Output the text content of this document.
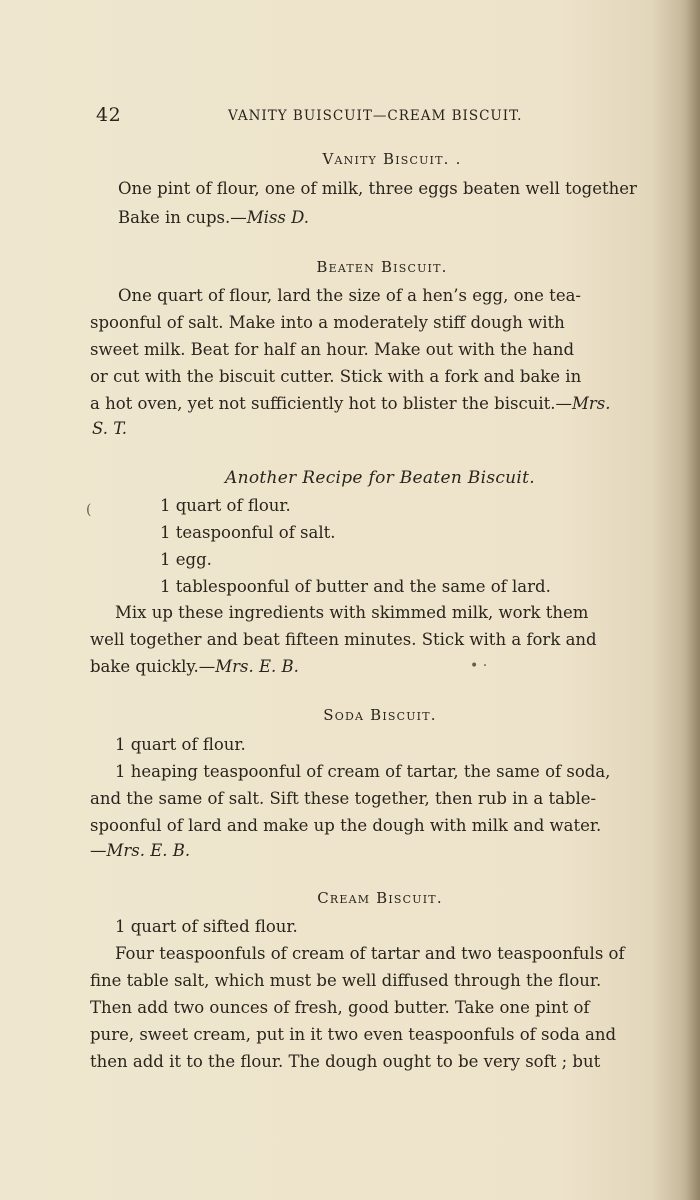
42	VANITY BUISCUIT—CREAM BISCUIT.
Vanity Biscuit. .
One pint of flour, one of milk, three eggs beaten well together
Bake in cups.—Miss D.
Beaten Biscuit.
One quart of flour, lard the size of a hen’s egg, one tea-
spoonful of salt. Make into a moderately stiff dough with
sweet milk. Beat for half an hour. Make out with the hand
or cut with the biscuit cutter. Stick with a fork and bake in
a hot oven, yet not sufficiently hot to blister the biscuit.—Mrs.
S. T.
Another Recipe for Beaten Biscuit.
(	1 quart of flour.
1 teaspoonful of salt.
1 egg.
1 tablespoonful of butter and the same of lard.
Mix up these ingredients with skimmed milk, work them
well together and beat fifteen minutes. Stick with a fork and
bake quickly.—Mrs. E. B.	• ·
Soda Biscuit.
1 quart of flour.
1 heaping teaspoonful of cream of tartar, the same of soda,
and the same of salt. Sift these together, then rub in a table-
spoonful of lard and make up the dough with milk and water.
—Mrs. E. B.
Cream Biscuit.
1 quart of sifted flour.
Four teaspoonfuls of cream of tartar and two teaspoonfuls of
fine table salt, which must be well diffused through the flour.
Then add two ounces of fresh, good butter. Take one pint of
pure, sweet cream, put in it two even teaspoonfuls of soda and
then add it to the flour. The dough ought to be very soft ; but
